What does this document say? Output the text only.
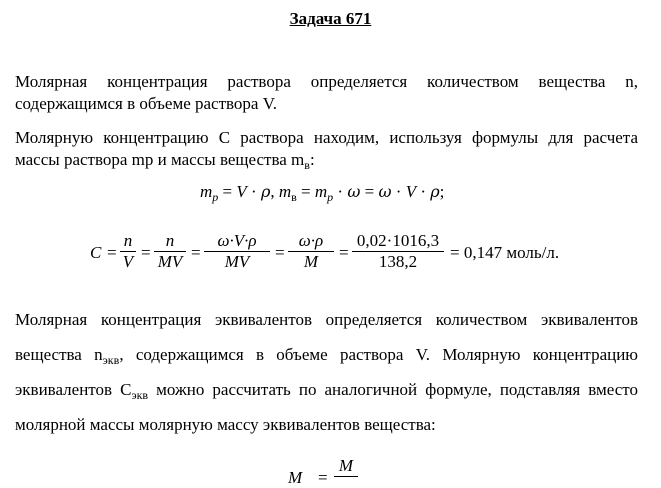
Задача 671
Молярная концентрация раствора определяется количеством вещества n, содержащимся в объеме раствора V.
Молярную концентрацию С раствора находим, используя формулы для расчета массы раствора mр и массы вещества $m_в$:
$m_p = V \cdot \rho$, $m_в = m_p \cdot \omega = \omega \cdot V \cdot \rho$;
C =
n
V =
n
MV =
ω·V·ρ
MV	=
ω·ρ
M	=
0,02·1016,3
138,2	= 0,147 моль/л.
Молярная концентрация эквивалентов определяется количеством эквивалентов вещества $n_{экв}$, содержащимся в объеме раствора V. Молярную концентрацию эквивалентов $С_{экв}$ можно рассчитать по аналогичной формуле, подставляя вместо молярной массы молярную массу эквивалентов вещества:
M =
M
